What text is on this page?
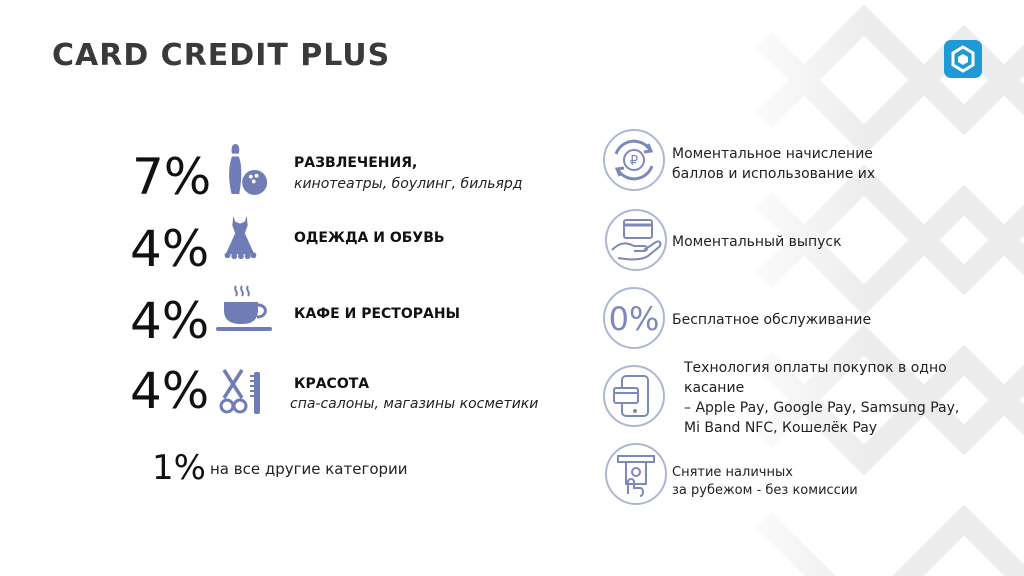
CARD CREDIT PLUS
7%	РАЗВЛЕЧЕНИЯ,
кинотеатры, боулинг, бильярд
4%	ОДЕЖДА И ОБУВЬ
4%	КАФЕ И РЕСТОРАНЫ
4%	КРАСОТА
спа-салоны, магазины косметики
1% на все другие категории
₽ Моментальное начисление
баллов и использование их
Моментальный выпуск
0% Бесплатное обслуживание
Технология оплаты покупок в одно
касание
– Apple Pay, Google Pay, Samsung Pay,
Mi Band NFC, Кошелёк Pay
Снятие наличных
за рубежом - без комиссии
